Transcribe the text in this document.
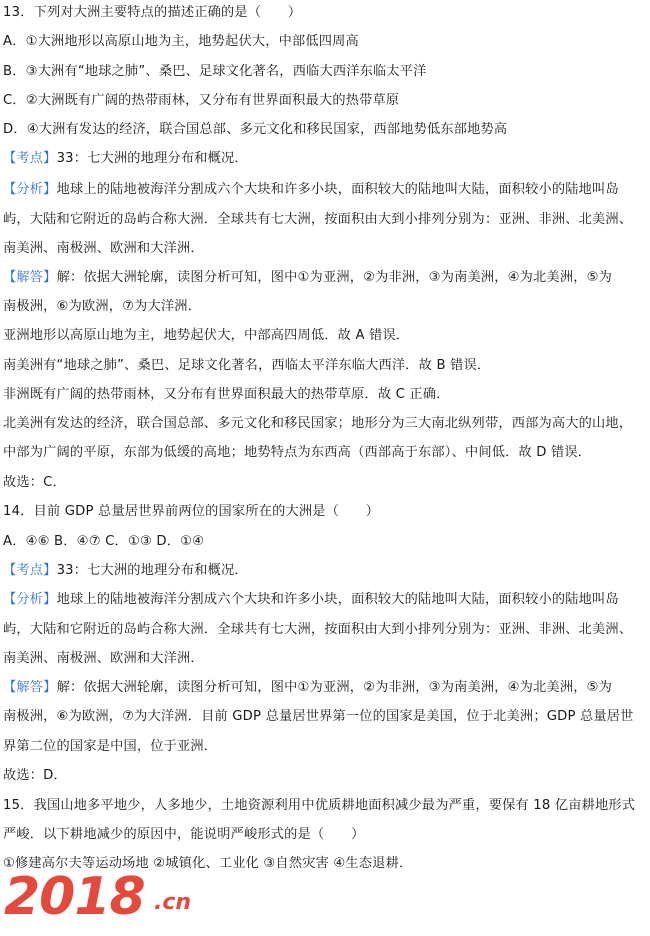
13．下列对大洲主要特点的描述正确的是（　　）
A．①大洲地形以高原山地为主，地势起伏大，中部低四周高
B．③大洲有“地球之肺”、桑巴、足球文化著名，西临大西洋东临太平洋
C．②大洲既有广阔的热带雨林，又分布有世界面积最大的热带草原
D．④大洲有发达的经济，联合国总部、多元文化和移民国家，西部地势低东部地势高
【考点】33：七大洲的地理分布和概况．
【分析】地球上的陆地被海洋分割成六个大块和许多小块，面积较大的陆地叫大陆，面积较小的陆地叫岛
屿，大陆和它附近的岛屿合称大洲．全球共有七大洲，按面积由大到小排列分别为：亚洲、非洲、北美洲、
南美洲、南极洲、欧洲和大洋洲．
【解答】解：依据大洲轮廓，读图分析可知，图中①为亚洲，②为非洲，③为南美洲，④为北美洲，⑤为
南极洲，⑥为欧洲，⑦为大洋洲．
亚洲地形以高原山地为主，地势起伏大，中部高四周低．故 A 错误．
南美洲有“地球之肺”、桑巴、足球文化著名，西临太平洋东临大西洋．故 B 错误．
非洲既有广阔的热带雨林，又分布有世界面积最大的热带草原．故 C 正确．
北美洲有发达的经济，联合国总部、多元文化和移民国家；地形分为三大南北纵列带，西部为高大的山地，
中部为广阔的平原，东部为低缓的高地；地势特点为东西高（西部高于东部）、中间低．故 D 错误．
故选：C．
14．目前 GDP 总量居世界前两位的国家所在的大洲是（　　）
A．④⑥ B．④⑦ C．①③ D．①④
【考点】33：七大洲的地理分布和概况．
【分析】地球上的陆地被海洋分割成六个大块和许多小块，面积较大的陆地叫大陆，面积较小的陆地叫岛
屿，大陆和它附近的岛屿合称大洲．全球共有七大洲，按面积由大到小排列分别为：亚洲、非洲、北美洲、
南美洲、南极洲、欧洲和大洋洲．
【解答】解：依据大洲轮廓，读图分析可知，图中①为亚洲，②为非洲，③为南美洲，④为北美洲，⑤为
南极洲，⑥为欧洲，⑦为大洋洲．目前 GDP 总量居世界第一位的国家是美国，位于北美洲；GDP 总量居世
界第二位的国家是中国，位于亚洲．
故选：D．
15．我国山地多平地少，人多地少，土地资源利用中优质耕地面积减少最为严重，要保有 18 亿亩耕地形式
严峻．以下耕地减少的原因中，能说明严峻形式的是（　　）
①修建高尔夫等运动场地 ②城镇化、工业化 ③自然灾害 ④生态退耕．
2018 .cn
